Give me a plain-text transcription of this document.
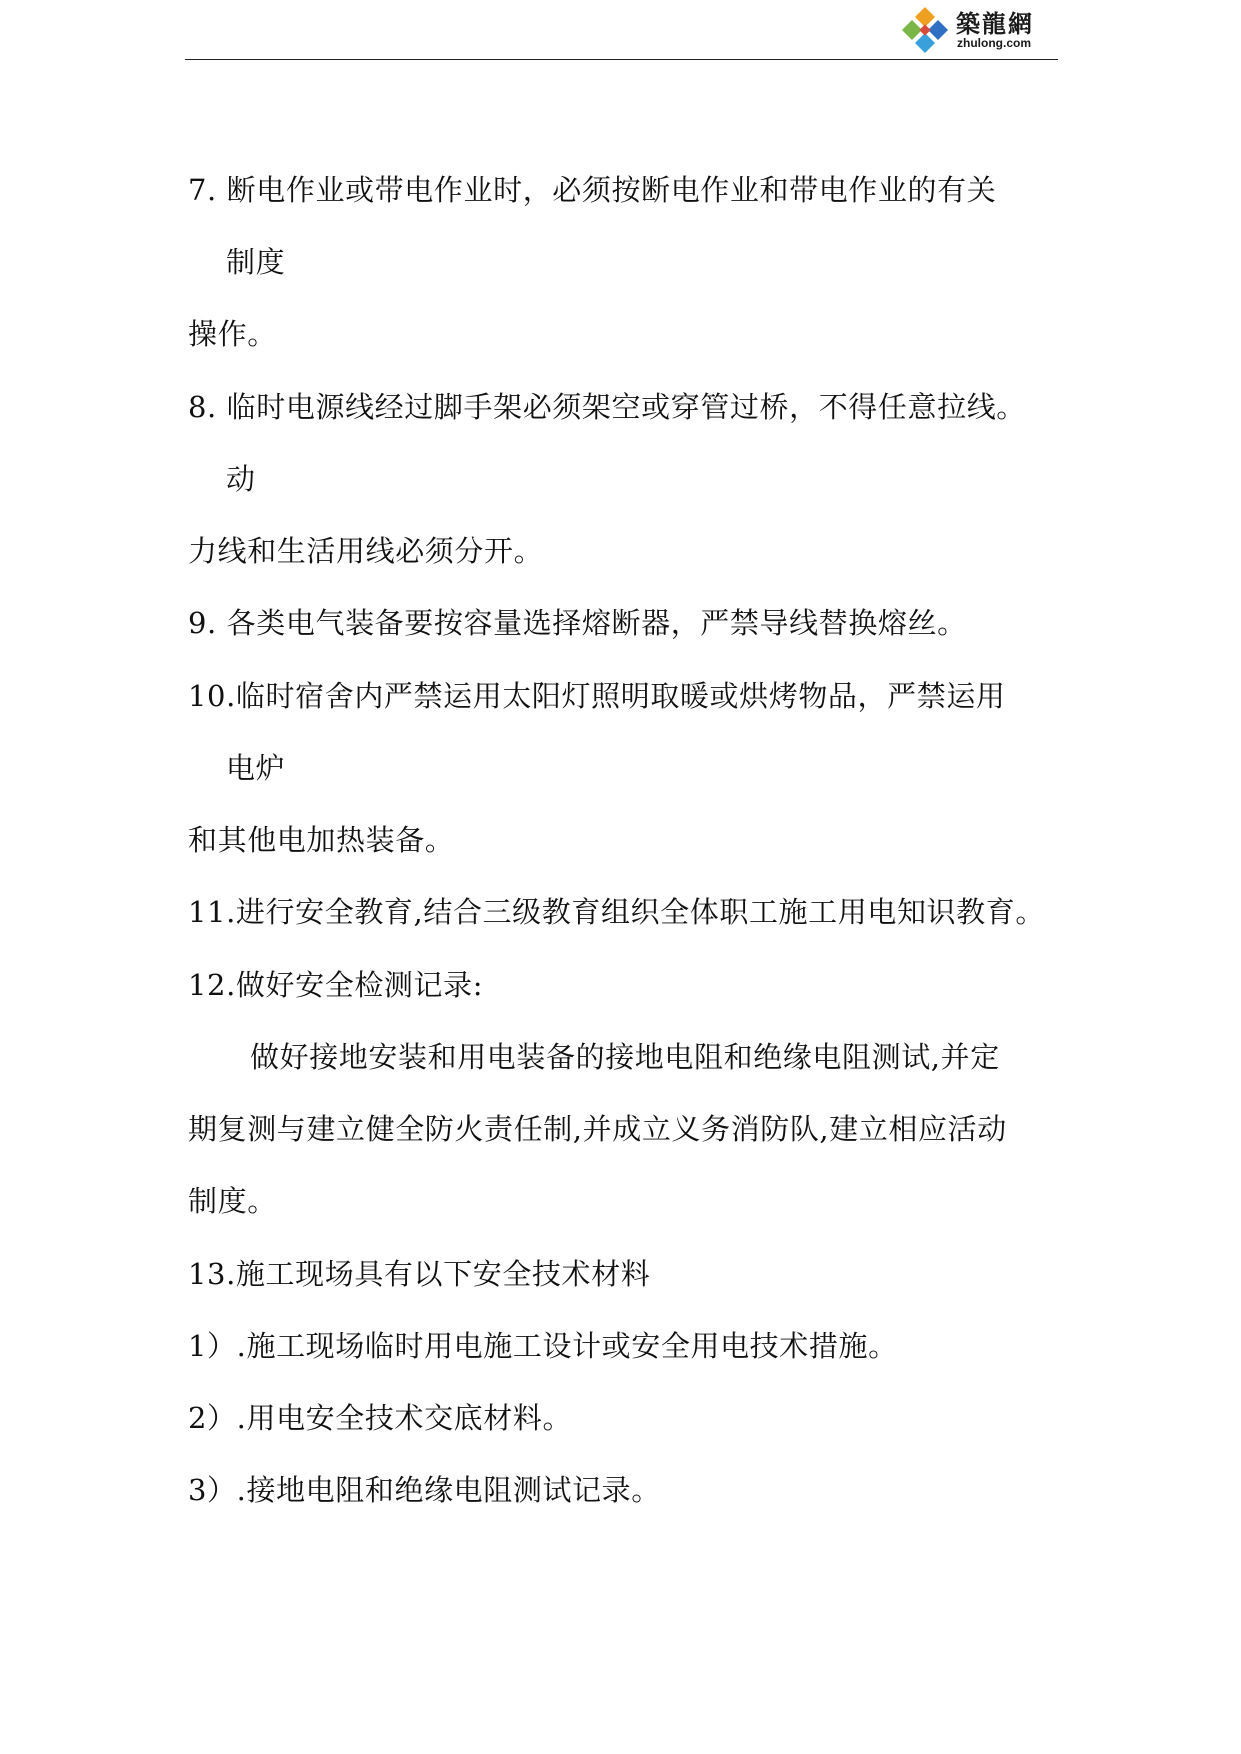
築龍網
zhulong.com
7. 断电作业或带电作业时，必须按断电作业和带电作业的有关
制度
操作。
8. 临时电源线经过脚手架必须架空或穿管过桥，不得任意拉线。
动
力线和生活用线必须分开。
9. 各类电气装备要按容量选择熔断器，严禁导线替换熔丝。
10.临时宿舍内严禁运用太阳灯照明取暖或烘烤物品，严禁运用
电炉
和其他电加热装备。
11.进行安全教育,结合三级教育组织全体职工施工用电知识教育。
12.做好安全检测记录:
做好接地安装和用电装备的接地电阻和绝缘电阻测试,并定
期复测与建立健全防火责任制,并成立义务消防队,建立相应活动
制度。
13.施工现场具有以下安全技术材料
1）.施工现场临时用电施工设计或安全用电技术措施。
2）.用电安全技术交底材料。
3）.接地电阻和绝缘电阻测试记录。
